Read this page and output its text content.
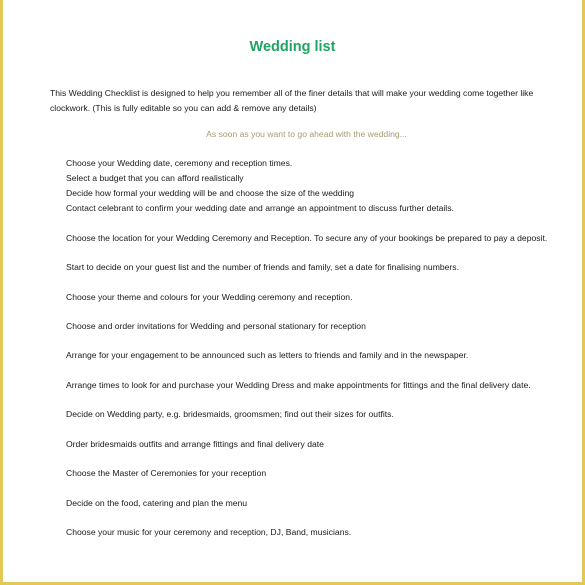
Wedding list
This Wedding Checklist is designed to help you remember all of the finer details that will make your wedding come together like clockwork. (This is fully editable so you can add & remove any details)
As soon as you want to go ahead with the wedding...
Choose your Wedding date, ceremony and reception times.
Select a budget that you can afford realistically
Decide how formal your wedding will be and choose the size of the wedding
Contact celebrant to confirm your wedding date and arrange an appointment to discuss further details.
Choose the location for your Wedding Ceremony and Reception. To secure any of your bookings be prepared to pay a deposit.
Start to decide on your guest list and the number of friends and family, set a date for finalising numbers.
Choose your theme and colours for your Wedding ceremony and reception.
Choose and order invitations for Wedding and personal stationary for reception
Arrange for your engagement to be announced such as letters to friends and family and in the newspaper.
Arrange times to look for and purchase your Wedding Dress and make appointments for fittings and the final delivery date.
Decide on Wedding party, e.g. bridesmaids, groomsmen; find out their sizes for outfits.
Order bridesmaids outfits and arrange fittings and final delivery date
Choose the Master of Ceremonies for your reception
Decide on the food, catering and plan the menu
Choose your music for your ceremony and reception, DJ, Band, musicians.
